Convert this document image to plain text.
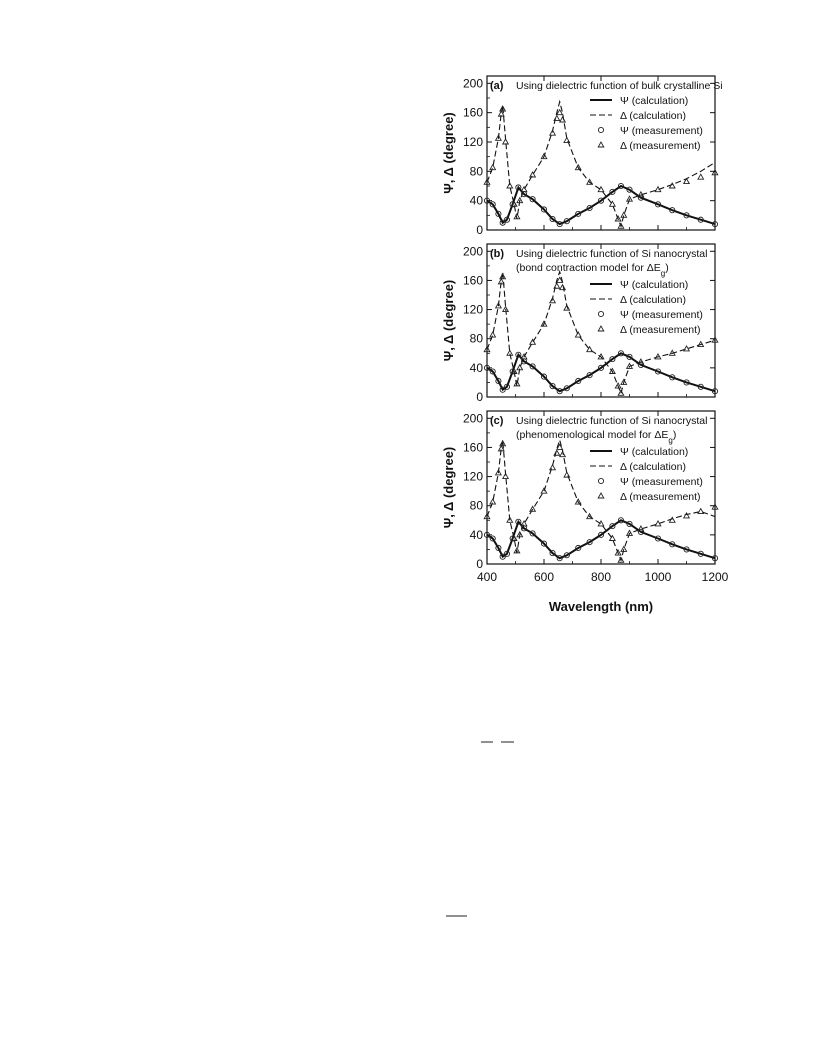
0
40
80
120
160
200
Ψ, Δ (degree)
(a) Using dielectric function of bulk crystalline Si
Ψ (calculation)
Δ (calculation)
Ψ (measurement)
Δ (measurement)
0
40
80
120
160
200
Ψ, Δ (degree)
(b) Using dielectric function of Si nanocrystal
(bond contraction model for $\Delta E_g$)
Ψ (calculation)
Δ (calculation)
Ψ (measurement)
Δ (measurement)
0
40
80
120
160
200
400	600	800	1000	1200
Ψ, Δ (degree)
(c) Using dielectric function of Si nanocrystal
(phenomenological model for $\Delta E_g$)
Ψ (calculation)
Δ (calculation)
Ψ (measurement)
Δ (measurement)
Wavelength (nm)
